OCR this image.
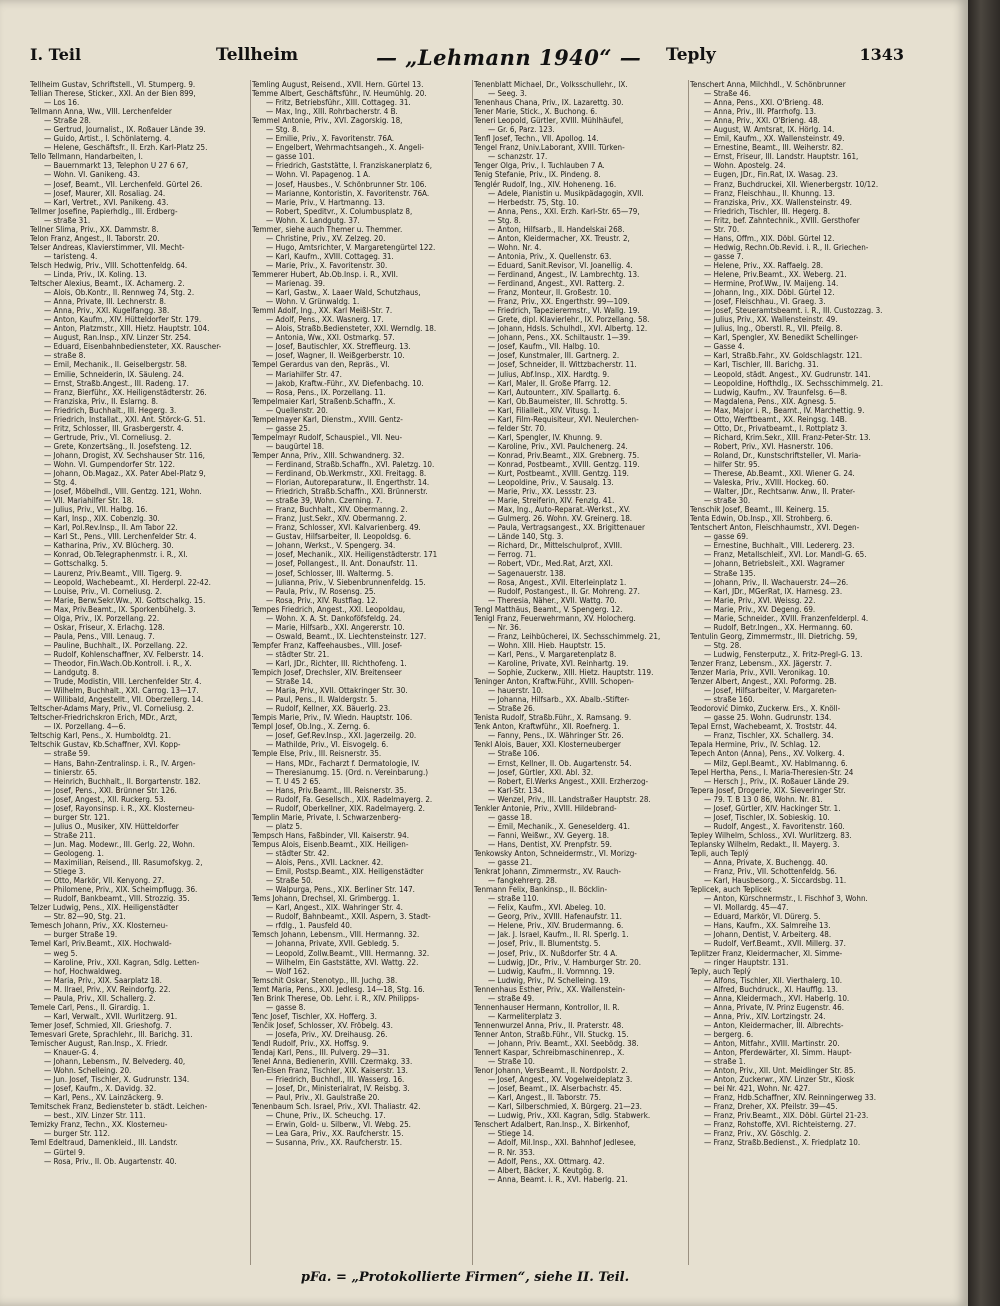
I. Teil	Tellheim	— „Lehmann 1940“ — Teply	1343
Tellheim Gustav, Schriftstell., VI. Stumperg. 9.
Tellian Therese, Sticker., XXI. An der Bien 899,
— Los 16.
Tellmann Anna, Ww., VIII. Lerchenfelder
— Straße 28.
— Gertrud, Journalist., IX. Roßauer Lände 39.
— Guido, Artist., I. Schönlaterng. 4.
— Helene, Geschäftsfr., II. Erzh. Karl-Platz 25.
Tello Tellmann, Handarbeiten, I.
— Bauernmarkt 13, Telephon U 27 6 67,
— Wohn. VI. Ganikeng. 43.
— Josef, Beamt., VII. Lerchenfeld. Gürtel 26.
— Josef, Maurer, XII. Rosaliag. 24.
— Karl, Vertret., XVI. Panikeng. 43.
Tellmer Josefine, Papierhdlg., III. Erdberg-
— straße 31.
Tellner Slima, Priv., XX. Dammstr. 8.
Telon Franz, Angest., II. Taborstr. 20.
Telser Andreas, Klavierstimmer, VII. Mecht-
— taristeng. 4.
Telsch Hedwig, Priv., VIII. Schottenfeldg. 64.
— Linda, Priv., IX. Koling. 13.
Teltscher Alexius, Beamt., IX. Achamerg. 2.
— Alois, Ob.Kontr., II. Rennweg 74, Stg. 2.
— Anna, Private, III. Lechnerstr. 8.
— Anna, Priv., XXI. Kugelfangg. 38.
— Anton, Kaufm., XIV. Hütteldorfer Str. 179.
— Anton, Platzmstr., XIII. Hietz. Hauptstr. 104.
— August, Ran.Insp., XIV. Linzer Str. 254.
— Eduard, Eisenbahnbediensteter, XX. Rauscher-
— straße 8.
— Emil, Mechanik., II. Geiselbergstr. 58.
— Emilie, Schneiderin, IX. Säuleng. 24.
— Ernst, Straßb.Angest., III. Radeng. 17.
— Franz, Bierführ., XX. Heiligenstädterstr. 26.
— Franziska, Priv., II. Eslarng. 8.
— Friedrich, Buchhalt., III. Hegerg. 3.
— Friedrich, Installat., XXI. Ant. Störck-G. 51.
— Fritz, Schlosser, III. Grasbergerstr. 4.
— Gertrude, Priv., VI. Corneliusg. 2.
— Grete, Konzertsäng., II. Josefsteng. 12.
— Johann, Drogist, XV. Sechshauser Str. 116,
— Wohn. VI. Gumpendorfer Str. 122.
— Johann, Ob.Magaz., XX. Pater Abel-Platz 9,
— Stg. 4.
— Josef, Möbelhdl., VIII. Gentzg. 121, Wohn.
— VII. Mariahilfer Str. 18.
— Julius, Priv., VII. Halbg. 16.
— Karl, Insp., XIX. Cobenzlg. 30.
— Karl, Pol.Rev.Insp., II. Am Tabor 22.
— Karl St., Pens., VIII. Lerchenfelder Str. 4.
— Katharina, Priv., XV. Blücherg. 30.
— Konrad, Ob.Telegraphenmstr. i. R., XI.
— Gottschalkg. 5.
— Laurenz, Priv.Beamt., VIII. Tigerg. 9.
— Leopold, Wachebeamt., XI. Herderpl. 22-42.
— Louise, Priv., VI. Corneliusg. 2.
— Marie, Berw.Sekr.Ww., XI. Gottschalkg. 15.
— Max, Priv.Beamt., IX. Sporkenbühelg. 3.
— Olga, Priv., IX. Porzellang. 22.
— Oskar, Friseur, X. Erlachg. 128.
— Paula, Pens., VIII. Lenaug. 7.
— Pauline, Buchhalt., IX. Porzellang. 22.
— Rudolf, Kohlenschaffner, XV. Felberstr. 14.
— Theodor, Fin.Wach.Ob.Kontroll. i. R., X.
— Landgutg. 8.
— Trude, Modistin, VIII. Lerchenfelder Str. 4.
— Wilhelm, Buchhalt., XXI. Carrog. 13—17.
— Willibald, Angestellt., VII. Oberzellerg. 14.
Teltscher-Adams Mary, Priv., VI. Corneliusg. 2.
Teltscher-Friedrichskron Erich, MDr., Arzt,
— IX. Porzellang. 4—6.
Teltschig Karl, Pens., X. Humboldtg. 21.
Teltschik Gustav, Kb.Schaffner, XVI. Kopp-
— straße 59.
— Hans, Bahn-Zentralinsp. i. R., IV. Argen-
— tinierstr. 65.
— Heinrich, Buchhalt., II. Borgartenstr. 182.
— Josef, Pens., XXI. Brünner Str. 126.
— Josef, Angest., XII. Ruckerg. 53.
— Josef, Rayonsinsp. i. R., XX. Klosterneu-
— burger Str. 121.
— Julius O., Musiker, XIV. Hütteldorfer
— Straße 211.
— Jun. Mag. Modewr., III. Gerlg. 22, Wohn.
— Geologeng. 1.
— Maximilian, Reisend., III. Rasumofskyg. 2,
— Stiege 3.
— Otto, Markör, VII. Kenyong. 27.
— Philomene, Priv., XIX. Scheimpflugg. 36.
— Rudolf, Bankbeamt., VIII. Strozzig. 35.
Telzer Ludwig, Pens., XIX. Heiligenstädter
— Str. 82—90, Stg. 21.
Temesch Johann, Priv., XX. Klosterneu-
— burger Straße 19.
Temel Karl, Priv.Beamt., XIX. Hochwald-
— weg 5.
— Karoline, Priv., XXI. Kagran, Sdlg. Letten-
— hof, Hochwaldweg.
— Maria, Priv., XIX. Saarplatz 18.
— M. Ilrael, Priv., XV. Reindorfg. 22.
— Paula, Priv., XII. Schallerg. 2.
Temele Carl, Pens., II. Girardig. 1.
— Karl, Verwalt., XVII. Wurlitzerg. 91.
Temer Josef, Schmied, XII. Grieshofg. 7.
Temesvari Grete, Sprachlehr., III. Barichg. 31.
Temischer August, Ran.Insp., X. Friedr.
— Knauer-G. 4.
— Johann, Lebensm., IV. Belvederg. 40,
— Wohn. Schelleing. 20.
— Jun. Josef, Tischler, X. Gudrunstr. 134.
— Josef, Kaufm., X. Davidg. 32.
— Karl, Pens., XV. Lainzäckerg. 9.
Temitschek Franz, Bediensteter b. städt. Leichen-
— best., XIV. Linzer Str. 111.
Temizky Franz, Techn., XX. Klosterneu-
— burger Str. 112.
Teml Edeltraud, Damenkleid., III. Landstr.
— Gürtel 9.
— Rosa, Priv., II. Ob. Augartenstr. 40.
Temling August, Reisend., XVII. Hern. Gürtel 13.
Temme Albert, Geschäftsführ., IV. Heumühlg. 20.
— Fritz, Betriebsführ., XIII. Cottageg. 31.
— Max, Ing., XIII. Rohrbacherstr. 4 B.
Temmel Antonie, Priv., XVI. Zagorskig. 18,
— Stg. 8.
— Emilie, Priv., X. Favoritenstr. 76A.
— Engelbert, Wehrmachtsangeh., X. Angeli-
— gasse 101.
— Friedrich, Gaststätte, I. Franziskanerplatz 6,
— Wohn. VI. Papagenog. 1 A.
— Josef, Hausbes., V. Schönbrunner Str. 106.
— Marianne, Kontoristin, X. Favoritenstr. 76A.
— Marie, Priv., V. Hartmanng. 13.
— Robert, Speditvr., X. Columbusplatz 8,
— Wohn. X. Landgutg. 37.
Temmer, siehe auch Themer u. Themmer.
— Christine, Priv., XV. Zelzeg. 20.
— Hugo, Amtsrichter, V. Margaretengürtel 122.
— Karl, Kaufm., XVIII. Cottageg. 31.
— Marie, Priv., X. Favoritenstr. 30.
Temmerer Hubert, Ab.Ob.Insp. i. R., XVII.
— Marienag. 39.
— Karl, Gastw., X. Laaer Wald, Schutzhaus,
— Wohn. V. Grünwaldg. 1.
Temml Adolf, Ing., XX. Karl Meißl-Str. 7.
— Adolf, Pens., XX. Wasnerg. 17.
— Alois, Straßb.Bediensteter, XXI. Werndlg. 18.
— Antonia, Ww., XXI. Ostmarkg. 57.
— Josef, Bautischler, XX. Streffleurg. 13.
— Josef, Wagner, II. Weißgerberstr. 10.
Tempel Gerardus van den, Repräs., VI.
— Mariahilfer Str. 47.
— Jakob, Kraftw.-Führ., XV. Diefenbachg. 10.
— Rosa, Pens., IX. Porzellang. 11.
Tempelmaier Karl, Straßenb.Schaffn., X.
— Quellenstr. 20.
Tempelmayer Karl, Dienstm., XVIII. Gentz-
— gasse 25.
Tempelmayr Rudolf, Schauspiel., VII. Neu-
— baugürtel 18.
Temper Anna, Priv., XIII. Schwandnerg. 32.
— Ferdinand, Straßb.Schaffn., XVI. Paletzg. 10.
— Ferdinand, Ob.Werkmstr., XXI. Freitagg. 8.
— Florian, Autoreparaturw., II. Engerthstr. 14.
— Friedrich, Straßb.Schaffn., XXI. Brünnerstr.
— straße 39, Wohn. Czerning. 7.
— Franz, Buchhalt., XIV. Obermanng. 2.
— Franz, Just.Sekr., XIV. Obermanng. 2.
— Franz, Schlosser, XVI. Kalvarienberg. 49.
— Gustav, Hilfsarbeiter, II. Leopoldsg. 6.
— Johann, Werkst., V. Spengerg. 34.
— Josef, Mechanik., XIX. Heiligenstädterstr. 171
— Josef, Pollangest., II. Ant. Donaufstr. 11.
— Josef, Schlosser, III. Waltermg. 5.
— Julianna, Priv., V. Siebenbrunnenfeldg. 15.
— Paula, Priv., IV. Rosensg. 25.
— Rosa, Priv., XIV. Rustflag. 12.
Tempes Friedrich, Angest., XXI. Leopoldau,
— Wohn. X. A. St. Dankoföfsfeldg. 24.
— Marie, Hilfsarb., XXI. Angererstr. 10.
— Oswald, Beamt., IX. Liechtensteinstr. 127.
Tempfer Franz, Kaffeehausbes., VIII. Josef-
— städter Str. 21.
— Karl, JDr., Richter, III. Richthofeng. 1.
Tempich Josef, Drechsler, XIV. Breitenseer
— Straße 14.
— Maria, Priv., XVII. Ottakringer Str. 30.
— Paul, Pens., II. Waldergstr. 5.
— Rudolf, Kellner, XX. Bäuerlg. 23.
Tempis Marie, Priv., IV. Wiedn. Hauptstr. 106.
Templ Josef, Ob.Ing., X. Zerng. 6.
— Josef, Gef.Rev.Insp., XXI. Jagerzeilg. 20.
— Mathilde, Priv., VI. Eisvogelg. 6.
Temple Else, Priv., III. Reisnerstr. 35.
— Hans, MDr., Facharzt f. Dermatologie, IV.
— Theresianumg. 15. (Ord. n. Vereinbarung.)
— T. U 45 2 65.
— Hans, Priv.Beamt., III. Reisnerstr. 35.
— Rudolf, Fa. Gesellsch., XIX. Radelmayerg. 2.
— Rudolf, Oberkellner, XIX. Radelmayerg. 2.
Templin Marie, Private, I. Schwarzenberg-
— platz 5.
Tempsch Hans, Faßbinder, VII. Kaiserstr. 94.
Tempus Alois, Eisenb.Beamt., XIX. Heiligen-
— städter Str. 42.
— Alois, Pens., XVII. Lackner. 42.
— Emil, Postsp.Beamt., XIX. Heiligenstädter
— Straße 50.
— Walpurga, Pens., XIX. Berliner Str. 147.
Tems Johann, Drechsel, XI. Grimbergg. 1.
— Karl, Angest., XIX. Wahringer Str. 4.
— Rudolf, Bahnbeamt., XXII. Aspern, 3. Stadt-
— rfdlg., 1. Pausfeld 40.
Temsch Johann, Lebensm., VIII. Hermanng. 32.
— Johanna, Private, XVII. Gebledg. 5.
— Leopold, Zollw.Beamt., VIII. Hermanng. 32.
— Wilhelm, Ein Gaststätte, XVI. Wattg. 22.
— Wolf 162.
Temschit Oskar, Stenotyp., III. Juchg. 38.
Temt Maria, Pens., XXI. Jedlesg. 14—18, Stg. 16.
Ten Brink Therese, Ob. Lehr. i. R., XIV. Philipps-
— gasse 8.
Tenc Josef, Tischler, XX. Hofferg. 3.
Tenčik Josef, Schlosser, XV. Fröbelg. 43.
— Josefa, Priv., XV. Dreihausg. 26.
Tendl Rudolf, Priv., XX. Hoffsg. 9.
Tendaj Karl, Pens., III. Pulverg. 29—31.
Tenel Anna, Bedienerin, XVIII. Czermakg. 33.
Ten-Elsen Franz, Tischler, XIX. Kaiserstr. 13.
— Friedrich, Buchhdl., III. Wasserg. 16.
— Josef, Dr., Ministerialrat, IV. Reisbg. 3.
— Paul, Priv., XI. Gaulstraße 20.
Tenenbaum Sch. Israel, Priv., XVI. Thaliastr. 42.
— Chune, Priv., IX. Scheuchg. 17.
— Erwin, Gold- u. Silberw., VI. Webg. 25.
— Lea Gara, Priv., XX. Raufcherstr. 15.
— Susanna, Priv., XX. Raufcherstr. 15.
Tenenblatt Michael, Dr., Volksschullehr., IX.
— Seeg. 3.
Tenenhaus Chana, Priv., IX. Lazarettg. 30.
Tener Marie, Stick., X. Buchong. 6.
Teneri Leopold, Gürtler, XVIII. Mühlhäufel,
— Gr. 6, Parz. 123.
Tenfl Josef, Techn., VII. Apollog. 14.
Tengel Franz, Univ.Laborant, XVIII. Türken-
— schanzstr. 17.
Tenger Olga, Priv., I. Tuchlauben 7 A.
Tenig Stefanie, Priv., IX. Pindeng. 8.
Tenglér Rudolf, Ing., XIV. Hoheneng. 16.
— Adele, Pianistin u. Musikpädagogin, XVII.
— Herbedstr. 75, Stg. 10.
— Anna, Pens., XXI. Erzh. Karl-Str. 65—79,
— Stg. 8.
— Anton, Hilfsarb., II. Handelskai 268.
— Anton, Kleidermacher, XX. Treustr. 2,
— Wohn. Nr. 4.
— Antonia, Priv., X. Quellenstr. 63.
— Eduard, Sanit.Revisor, VI. Joanellig. 4.
— Ferdinand, Angest., IV. Lambrechtg. 13.
— Ferdinand, Angest., XVI. Ratterg. 2.
— Franz, Monteur, II. Großestr. 10.
— Franz, Priv., XX. Engerthstr. 99—109.
— Friedrich, Tapezierermstr., VI. Wallg. 19.
— Grete, dipl. Klavierlehr., IX. Porzellang. 58.
— Johann, Hdsls. Schulhdl., XVI. Albertg. 12.
— Johann, Pens., XX. Schiltaustr. 1—39.
— Josef, Kaufm., VII. Halbg. 10.
— Josef, Kunstmaler, III. Gartnerg. 2.
— Josef, Schneider, II. Wittzbacherstr. 11.
— Julius, Abf.Insp., XIX. Hardtg. 9.
— Karl, Maler, II. Große Pfarrg. 12.
— Karl, Autounterr., XIV. Spallartg. 6.
— Karl, Ob.Baumeister, III. Schrottg. 5.
— Karl, Filialleit., XIV. Vitusg. 1.
— Karl, Film-Requisiteur, XVI. Neulerchen-
— felder Str. 70.
— Karl, Spengler, IV. Khunng. 9.
— Karoline, Priv., XVI. Paulchenerg. 24.
— Konrad, Priv.Beamt., XIX. Grebnerg. 75.
— Konrad, Postbeamt., XVIII. Gentzg. 119.
— Kurt, Postbeamt., XVIII. Gentzg. 119.
— Leopoldine, Priv., V. Sausalg. 13.
— Marie, Priv., XX. Lessstr. 23.
— Marie, Streiferin, XIV. Fenzlg. 41.
— Max, Ing., Auto-Reparat.-Werkst., XV.
— Gulmerg. 26. Wohn. XV. Greinerg. 18.
— Paula, Vertragsangest., XX. Brigittenauer
— Lände 140, Stg. 3.
— Richard, Dr., Mittelschulprof., XVIII.
— Ferrog. 71.
— Robert, VDr., Med.Rat, Arzt, XXI.
— Sagenauerstr. 138.
— Rosa, Angest., XVII. Elterleinplatz 1.
— Rudolf, Postangest., II. Gr. Mohreng. 27.
— Theresia, Näher., XVII. Wattg. 70.
Tengl Matthäus, Beamt., V. Spengerg. 12.
Tenigl Franz, Feuerwehrmann, XV. Holocherg.
— Nr. 36.
— Franz, Leihbücherei, IX. Sechsschimmelg. 21,
— Wohn. XIII. Hieb. Hauptstr. 15.
— Karl, Pens., V. Margaretenplatz 8.
— Karoline, Private, XVI. Reinhartg. 19.
— Sophie, Zuckerw., XIII. Hietz. Hauptstr. 119.
Teninger Anton, Kraftw.Führ., XVIII. Schopen-
— hauerstr. 10.
— Johanna, Hilfsarb., XX. Abalb.-Stifter-
— Straße 26.
Tenista Rudolf, Straßb.Führ., X. Ramsang. 9.
Tenk Anton, Kraftwführ., XII. Roefnerg. 1.
— Fanny, Pens., IX. Währinger Str. 26.
Tenkl Alois, Bauer, XXI. Klosterneuberger
— Straße 106.
— Ernst, Kellner, II. Ob. Augartenstr. 54.
— Josef, Gürtler, XXI. Abl. 32.
— Robert, El.Werks Angest., XXII. Erzherzog-
— Karl-Str. 134.
— Wenzel, Priv., III. Landstraßer Hauptstr. 28.
Tenkler Antonie, Priv., XVIII. Hildebrand-
— gasse 18.
— Emil, Mechanik., X. Geneselderg. 41.
— Fanni, Weißwr., XV. Geyerg. 18.
— Hans, Dentist, XV. Prenpfstr. 59.
Tenkowsky Anton, Schneidermstr., VI. Morizg-
— gasse 21.
Tenkrat Johann, Zimmermstr., XV. Rauch-
— fangkehrerg. 28.
Tenmann Felix, Bankinsp., II. Böcklin-
— straße 110.
— Felix, Kaufm., XVI. Abeleg. 10.
— Georg, Priv., XVIII. Hafenaufstr. 11.
— Helene, Priv., XIV. Brudermanng. 6.
— Jak. J. Israel, Kaufm., II. Rl. Sperlg. 1.
— Josef, Priv., II. Blumentstg. 5.
— Josef, Priv., IX. Nußdorfer Str. 4 A.
— Ludwig, JDr., Priv., V. Hamburger Str. 20.
— Ludwig, Kaufm., II. Vormnng. 19.
— Ludwig, Priv., IV. Schelleing. 19.
Tennenhaus Esther, Priv., XX. Wallenstein-
— straße 49.
Tennenhauser Hermann, Kontrollor, II. R.
— Karmeliterplatz 3.
Tennenwurzel Anna, Priv., II. Praterstr. 48.
Tenner Anton, Straßb.Führ., VII. Stuckg. 15.
— Johann, Priv. Beamt., XXI. Seebödg. 38.
Tennert Kaspar, Schreibmaschinenrep., X.
— Straße 10.
Tenor Johann, VersBeamt., II. Nordpolstr. 2.
— Josef, Angest., XV. Vogelweideplatz 3.
— Josef, Beamt., IX. Alserbachstr. 45.
— Karl, Angest., II. Taborstr. 75.
— Karl, Silberschmied, X. Bürgerg. 21—23.
— Ludwig, Priv., XXI. Kagran, Sdlg. Stabwerk.
Tenschert Adalbert, Ran.Insp., X. Birkenhof,
— Stiege 14.
— Adolf, Mil.Insp., XXI. Bahnhof Jedlesee,
— R. Nr. 353.
— Adolf, Pens., XX. Ottmarg. 42.
— Albert, Bäcker, X. Keutgög. 8.
— Anna, Beamt. i. R., XVI. Haberlg. 21.
Tenschert Anna, Milchhdl., V. Schönbrunner
— Straße 46.
— Anna, Pens., XXI. O'Brieng. 48.
— Anna, Priv., III. Pfarrhofg. 13.
— Anna, Priv., XXI. O'Brieng. 48.
— August, W. Amtsrat, IX. Hörlg. 14.
— Emil, Kaufm., XX. Wallensteinstr. 49.
— Ernestine, Beamt., III. Weiherstr. 82.
— Ernst, Friseur, III. Landstr. Hauptstr. 161,
— Wohn. Apostelg. 24.
— Eugen, JDr., Fin.Rat, IX. Wasag. 23.
— Franz, Buchdruckei, XII. Wienerbergstr. 10/12.
— Franz, Fleischhau., II. Khunng. 13.
— Franziska, Priv., XX. Wallensteinstr. 49.
— Friedrich, Tischler, III. Hegerg. 8.
— Fritz, bef. Zahntechnik., XVIII. Gersthofer
— Str. 70.
— Hans, Offm., XIX. Döbl. Gürtel 12.
— Hedwig, Rechn.Ob.Revid. i. R., II. Griechen-
— gasse 7.
— Helene, Priv., XX. Raffaelg. 28.
— Helene, Priv.Beamt., XX. Weberg. 21.
— Hermine, Prof.Ww., IV. Maijeng. 14.
— Johann, Ing., XIX. Döbl. Gürtel 12.
— Josef, Fleischhau., VI. Graeg. 3.
— Josef, Steueramtsbeamt. i. R., III. Custozzag. 3.
— Julius, Priv., XX. Wallensteinstr. 49.
— Julius, Ing., Oberstl. R., VII. Pfeilg. 8.
— Karl, Spengler, XV. Benedikt Schellinger-
— Gasse 4.
— Karl, Straßb.Fahr., XV. Goldschlagstr. 121.
— Karl, Tischler, III. Barichg. 31.
— Leopold, städt. Angest., XV. Gudrunstr. 141.
— Leopoldine, Hofthdlg., IX. Sechsschimmelg. 21.
— Ludwig, Kaufm., XV. Traunfelsg. 6—8.
— Magdalena, Pens., XIX. Agnesg. 5.
— Max, Major i. R., Beamt., IV. Marchettig. 9.
— Otto, Werftbeamt., XX. Reingsg. 14B.
— Otto, Dr., Privatbeamt., I. Rottplatz 3.
— Richard, Krim.Sekr., XIII. Franz-Peter-Str. 13.
— Robert, Priv., XVI. Hasnerstr. 106.
— Roland, Dr., Kunstschriftsteller, VI. Maria-
— hilfer Str. 95.
— Therese, Ab.Beamt., XXI. Wiener G. 24.
— Valeska, Priv., XVIII. Hockeg. 60.
— Walter, JDr., Rechtsanw. Anw., II. Prater-
— straße 30.
Tenschik Josef, Beamt., III. Keinerg. 15.
Tenta Edwin, Ob.Insp., XII. Strohberg. 6.
Tentschert Anton, Fleischhaumstr., XVI. Degen-
— gasse 69.
— Ernestine, Buchhalt., VIII. Ledererg. 23.
— Franz, Metallschleif., XVI. Lor. Mandl-G. 65.
— Johann, Betriebsleit., XXI. Wagramer
— Straße 135.
— Johann, Priv., II. Wachauerstr. 24—26.
— Karl, JDr., MGerRat, IX. Harnesg. 23.
— Marie, Priv., XVI. Weissg. 22.
— Marie, Priv., XV. Degeng. 69.
— Marie, Schneider., XVIII. Franzenfelderpl. 4.
— Rudolf, Betr.Ingen., XX. Hermanng. 60.
Tentulin Georg, Zimmermstr., III. Dietrichg. 59,
— Stg. 28.
— Ludwig, Fensterputz., X. Fritz-Pregl-G. 13.
Tenzer Franz, Lebensm., XX. Jägerstr. 7.
Tenzer Maria, Priv., XVII. Veronikag. 10.
Tenzer Albert, Angest., XXI. Poformg. 2B.
— Josef, Hilfsarbeiter, V. Margareten-
— straße 160.
Teodorović Dimko, Zuckerw. Ers., X. Knöll-
— gasse 25. Wohn. Gudrunstr. 134.
Tepal Ernst, Wachebeamt, X. Troststr. 44.
— Franz, Tischler, XX. Schallerg. 34.
Tepala Hermine, Priv., IV. Schlag. 12.
Tepech Anton (Anna), Pens., XV. Volkerg. 4.
— Milz, Gepl.Beamt., XV. Hablmanng. 6.
Tepel Hertha, Pens., I. Maria-Theresien-Str. 24
— Hersch J., Priv., IX. Roßauer Lände 29.
Tepera Josef, Drogerie, XIX. Sieveringer Str.
— 79. T. B 13 0 86, Wohn. Nr. 81.
— Josef, Gürtler, XIV. Hackinger Str. 1.
— Josef, Tischler, IX. Sobieskig. 10.
— Rudolf, Angest., X. Favoritenstr. 160.
Tepley Wilhelm, Schloss., XVI. Wurlitzerg. 83.
Teplansky Wilhelm, Redakt., II. Mayerg. 3.
Tepli, auch Teplý
— Anna, Private, X. Buchengg. 40.
— Franz, Priv., VII. Schottenfeldg. 56.
— Karl, Hausbesorg., X. Siccardsbg. 11.
Teplicek, auch Teplicek
— Anton, Kürschnermstr., I. Fischhof 3, Wohn.
— VI. Mollardg. 45—47.
— Eduard, Markör, VI. Dürerg. 5.
— Hans, Kaufm., XX. Salmreihe 13.
— Johann, Dentist, V. Arbeiterg. 48.
— Rudolf, Verf.Beamt., XVII. Millerg. 37.
Teplitzer Franz, Kleidermacher, XI. Simme-
— ringer Hauptstr. 131.
Teply, auch Teplý
— Alfons, Tischler, XII. Vierthalerg. 10.
— Alfred, Buchdruck., XI. Haufflg. 13.
— Anna, Kleidermach., XVI. Haberlg. 10.
— Anna, Private, IV. Prinz Eugenstr. 46.
— Anna, Priv., XIV. Lortzingstr. 24.
— Anton, Kleidermacher, III. Albrechts-
— bergerg. 6.
— Anton, Mitfahr., XVIII. Martinstr. 20.
— Anton, Pferdewärter, XI. Simm. Haupt-
— straße 1.
— Anton, Priv., XII. Unt. Meidlinger Str. 85.
— Anton, Zuckerwr., XIV. Linzer Str., Kiosk
— bei Nr. 421, Wohn. Nr. 427.
— Franz, Hdb.Schaffner, XIV. Reinningerweg 33.
— Franz, Dreher, XX. Pfeilstr. 39—45.
— Franz, Priv.Beamt., XIX. Döbl. Gürtel 21-23.
— Franz, Rohstoffe, XVI. Richteisterng. 27.
— Franz, Priv., XV. Göschlg. 2.
— Franz, Straßb.Bedienst., X. Friedplatz 10.
pFa. = „Protokollierte Firmen“, siehe II. Teil.
